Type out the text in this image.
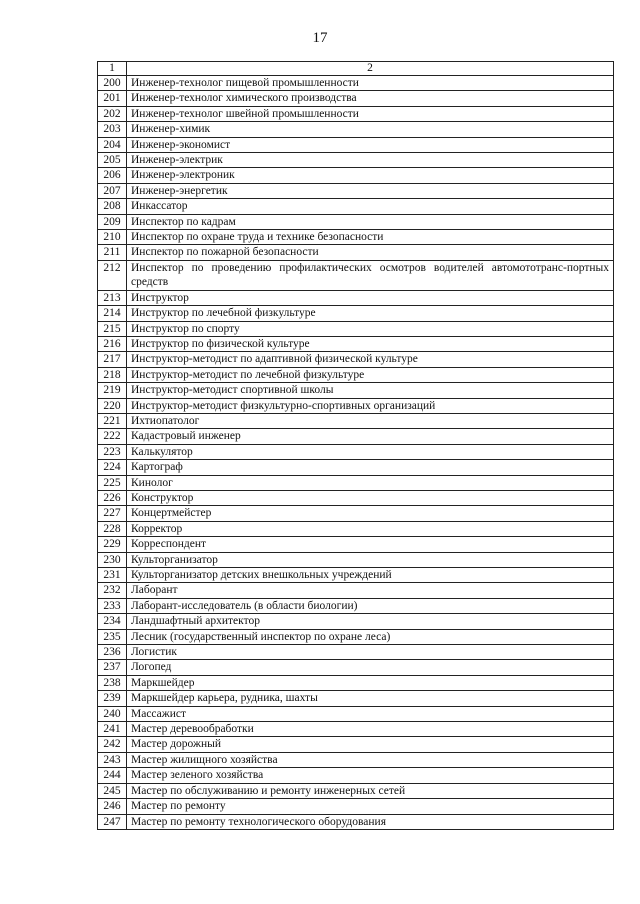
17
1	2
200	Инженер-технолог пищевой промышленности
201	Инженер-технолог химического производства
202	Инженер-технолог швейной промышленности
203	Инженер-химик
204	Инженер-экономист
205	Инженер-электрик
206	Инженер-электроник
207	Инженер-энергетик
208	Инкассатор
209	Инспектор по кадрам
210	Инспектор по охране труда и технике безопасности
211	Инспектор по пожарной безопасности
212	Инспектор по проведению профилактических осмотров водителей автомототранс-портных средств
213	Инструктор
214	Инструктор по лечебной физкультуре
215	Инструктор по спорту
216	Инструктор по физической культуре
217	Инструктор-методист по адаптивной физической культуре
218	Инструктор-методист по лечебной физкультуре
219	Инструктор-методист спортивной школы
220	Инструктор-методист физкультурно-спортивных организаций
221	Ихтиопатолог
222	Кадастровый инженер
223	Калькулятор
224	Картограф
225	Кинолог
226	Конструктор
227	Концертмейстер
228	Корректор
229	Корреспондент
230	Культорганизатор
231	Культорганизатор детских внешкольных учреждений
232	Лаборант
233	Лаборант-исследователь (в области биологии)
234	Ландшафтный архитектор
235	Лесник (государственный инспектор по охране леса)
236	Логистик
237	Логопед
238	Маркшейдер
239	Маркшейдер карьера, рудника, шахты
240	Массажист
241	Мастер деревообработки
242	Мастер дорожный
243	Мастер жилищного хозяйства
244	Мастер зеленого хозяйства
245	Мастер по обслуживанию и ремонту инженерных сетей
246	Мастер по ремонту
247	Мастер по ремонту технологического оборудования
